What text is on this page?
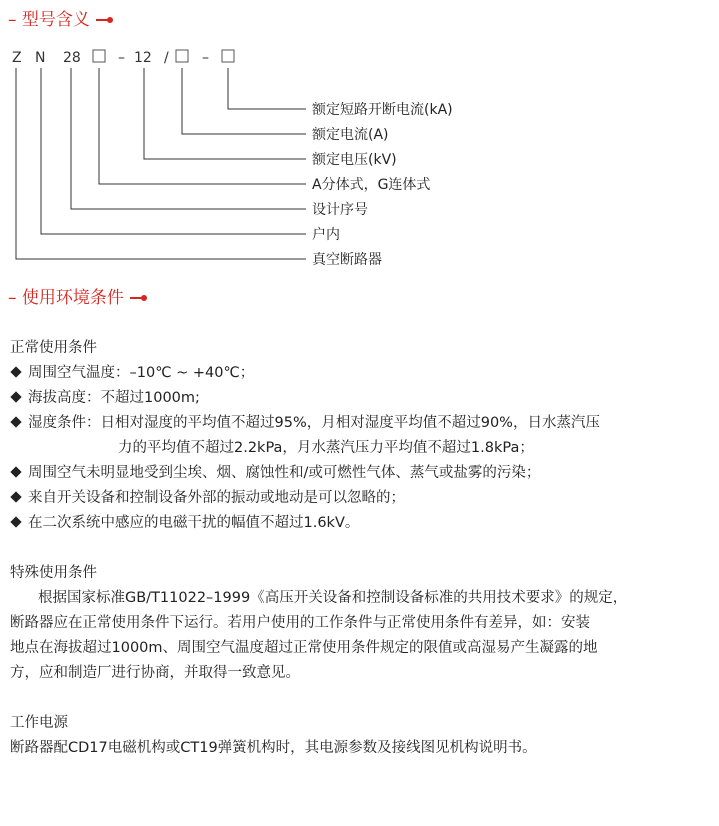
– 型号含义
Z N 28	– 12 / –
额定短路开断电流(kA)
额定电流(A)
额定电压(kV)
A分体式，G连体式
设计序号
户内
真空断路器
– 使用环境条件
正常使用条件
周围空气温度：–10℃ ~ +40℃；
海拔高度：不超过1000m;
湿度条件：日相对湿度的平均值不超过95%，月相对湿度平均值不超过90%，日水蒸汽压
力的平均值不超过2.2kPa，月水蒸汽压力平均值不超过1.8kPa；
周围空气未明显地受到尘埃、烟、腐蚀性和/或可燃性气体、蒸气或盐雾的污染；
来自开关设备和控制设备外部的振动或地动是可以忽略的；
在二次系统中感应的电磁干扰的幅值不超过1.6kV。
特殊使用条件
根据国家标准GB/T11022–1999《高压开关设备和控制设备标准的共用技术要求》的规定，
断路器应在正常使用条件下运行。若用户使用的工作条件与正常使用条件有差异，如：安装
地点在海拔超过1000m、周围空气温度超过正常使用条件规定的限值或高湿易产生凝露的地
方，应和制造厂进行协商，并取得一致意见。
工作电源
断路器配CD17电磁机构或CT19弹簧机构时，其电源参数及接线图见机构说明书。
